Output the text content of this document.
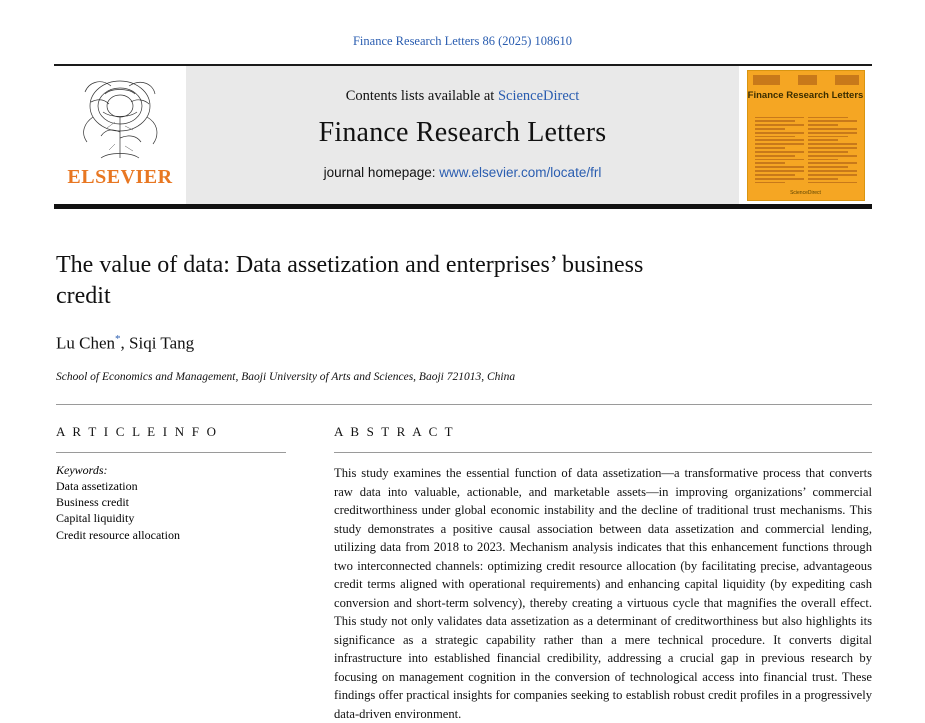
Finance Research Letters 86 (2025) 108610
ELSEVIER
Contents lists available at ScienceDirect
Finance Research Letters
journal homepage: www.elsevier.com/locate/frl
Finance Research Letters
ScienceDirect
The value of data: Data assetization and enterprises’ business credit
Lu Chen*, Siqi Tang
School of Economics and Management, Baoji University of Arts and Sciences, Baoji 721013, China
A R T I C L E I N F O
Keywords:
Data assetization
Business credit
Capital liquidity
Credit resource allocation
A B S T R A C T
This study examines the essential function of data assetization—a transformative process that converts raw data into valuable, actionable, and marketable assets—in improving organizations’ commercial creditworthiness under global economic instability and the decline of traditional trust mechanisms. This study demonstrates a positive causal association between data assetization and commercial lending, utilizing data from 2018 to 2023. Mechanism analysis indicates that this enhancement functions through two interconnected channels: optimizing credit resource allocation (by facilitating precise, advantageous credit terms aligned with operational requirements) and enhancing capital liquidity (by expediting cash conversion and short-term solvency), thereby creating a virtuous cycle that magnifies the overall effect. This study not only validates data assetization as a determinant of creditworthiness but also highlights its significance as a strategic capability rather than a mere technical procedure. It converts digital infrastructure into established financial credibility, addressing a crucial gap in previous research by focusing on management cognition in the conversion of technological access into financial trust. These findings offer practical insights for companies seeking to establish robust credit profiles in a progressively data-driven environment.
